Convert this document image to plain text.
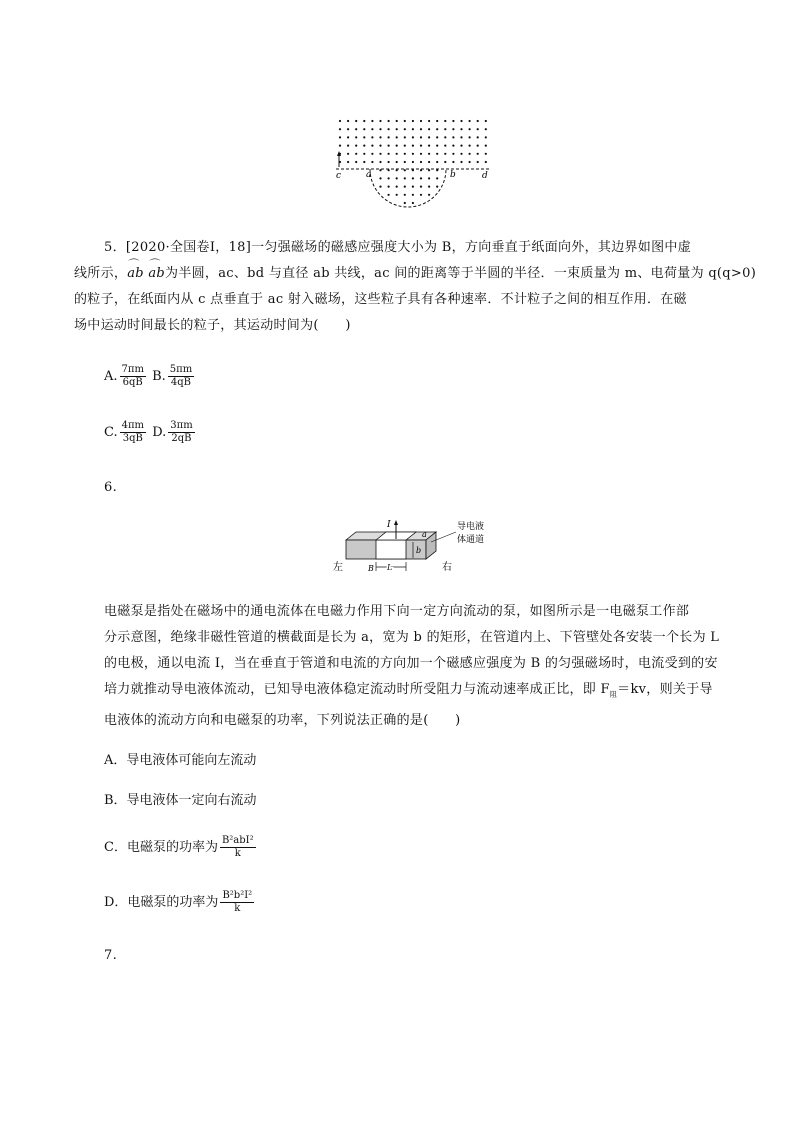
c	a	b	d
5．[2020·全国卷Ⅰ，18]一匀强磁场的磁感应强度大小为 B，方向垂直于纸面向外，其边界如图中虚
线所示，⌒ ab ⌒ ab为半圆，ac、bd 与直径 ab 共线，ac 间的距离等于半圆的半径．一束质量为 m、电荷量为 q(q>0)
的粒子，在纸面内从 c 点垂直于 ac 射入磁场，这些粒子具有各种速率．不计粒子之间的相互作用．在磁
场中运动时间最长的粒子，其运动时间为(　　)
A. $\frac{7\pi m}{6qB} B$. $\frac{5\pi m}{4qB}$
C. $\frac{4\pi m}{3qB} D$. $\frac{3\pi m}{2qB}$
6.
I
a
b
B L
左	右
导电液
体通道
电磁泵是指处在磁场中的通电流体在电磁力作用下向一定方向流动的泵，如图所示是一电磁泵工作部
分示意图，绝缘非磁性管道的横截面是长为 a，宽为 b 的矩形，在管道内上、下管壁处各安装一个长为 L
的电极，通以电流 I，当在垂直于管道和电流的方向加一个磁感应强度为 B 的匀强磁场时，电流受到的安
培力就推动导电液体流动，已知导电液体稳定流动时所受阻力与流动速率成正比，即 $F_阻=kv$，则关于导
电液体的流动方向和电磁泵的功率，下列说法正确的是(　　)
A．导电液体可能向左流动
B．导电液体一定向右流动
C．电磁泵的功率为 $\frac{\text{B²abI²}}{k}$
D．电磁泵的功率为 $\frac{\text{B²b²I²}}{k}$
7.
